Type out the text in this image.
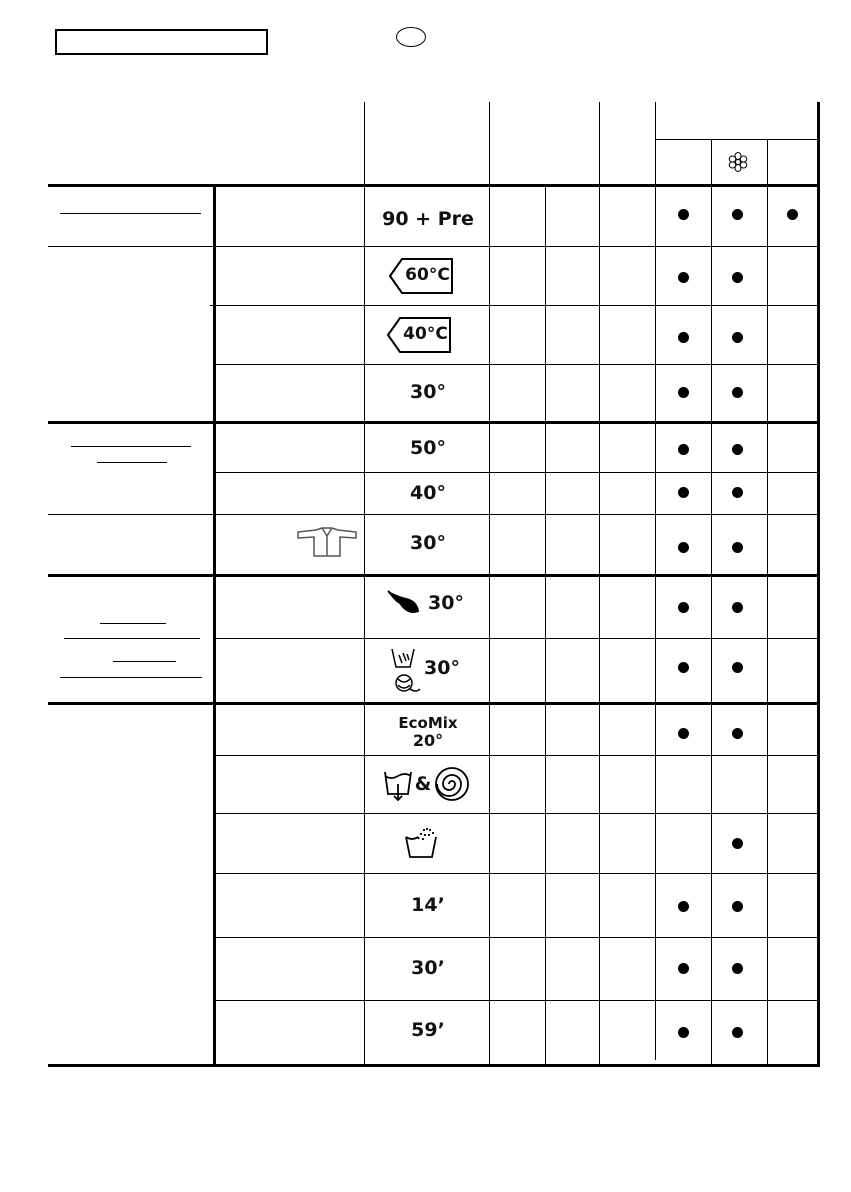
90 + Pre
60°C
40°C
30°
50°
40°
30°
30°
30°
EcoMix
20°
&
14’
30’
59’
